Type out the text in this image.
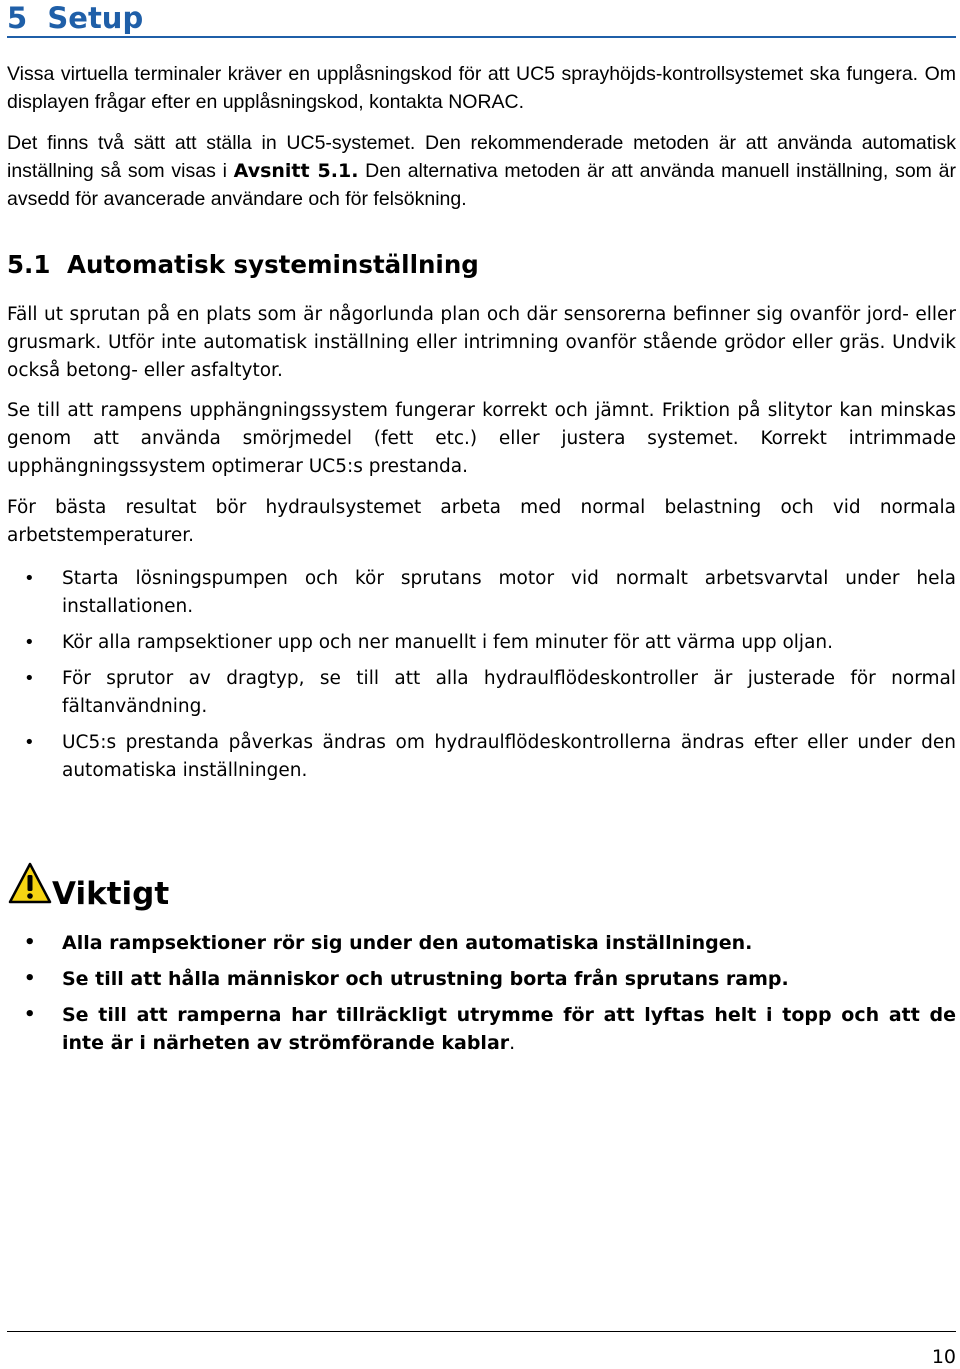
5 Setup

Vissa virtuella terminaler kräver en upplåsningskod för att UC5 sprayhöjds-kontrollsystemet ska fungera. Om displayen frågar efter en upplåsningskod, kontakta NORAC.

Det finns två sätt att ställa in UC5-systemet. Den rekommenderade metoden är att använda automatisk inställning så som visas i Avsnitt 5.1. Den alternativa metoden är att använda manuell inställning, som är avsedd för avancerade användare och för felsökning.

5.1 Automatisk systeminställning

Fäll ut sprutan på en plats som är någorlunda plan och där sensorerna befinner sig ovanför jord- eller grusmark. Utför inte automatisk inställning eller intrimning ovanför stående grödor eller gräs. Undvik också betong- eller asfaltytor.

Se till att rampens upphängningssystem fungerar korrekt och jämnt. Friktion på slitytor kan minskas genom att använda smörjmedel (fett etc.) eller justera systemet. Korrekt intrimmade upphängningssystem optimerar UC5:s prestanda.

För bästa resultat bör hydraulsystemet arbeta med normal belastning och vid normala arbetstemperaturer.

• Starta lösningspumpen och kör sprutans motor vid normalt arbetsvarvtal under hela installationen.
• Kör alla rampsektioner upp och ner manuellt i fem minuter för att värma upp oljan.
• För sprutor av dragtyp, se till att alla hydraulflödeskontroller är justerade för normal fältanvändning.
• UC5:s prestanda påverkas ändras om hydraulflödeskontrollerna ändras efter eller under den automatiska inställningen.
Viktigt
• Alla rampsektioner rör sig under den automatiska inställningen.
• Se till att hålla människor och utrustning borta från sprutans ramp.
• Se till att ramperna har tillräckligt utrymme för att lyftas helt i topp och att de inte är i närheten av strömförande kablar.
10
